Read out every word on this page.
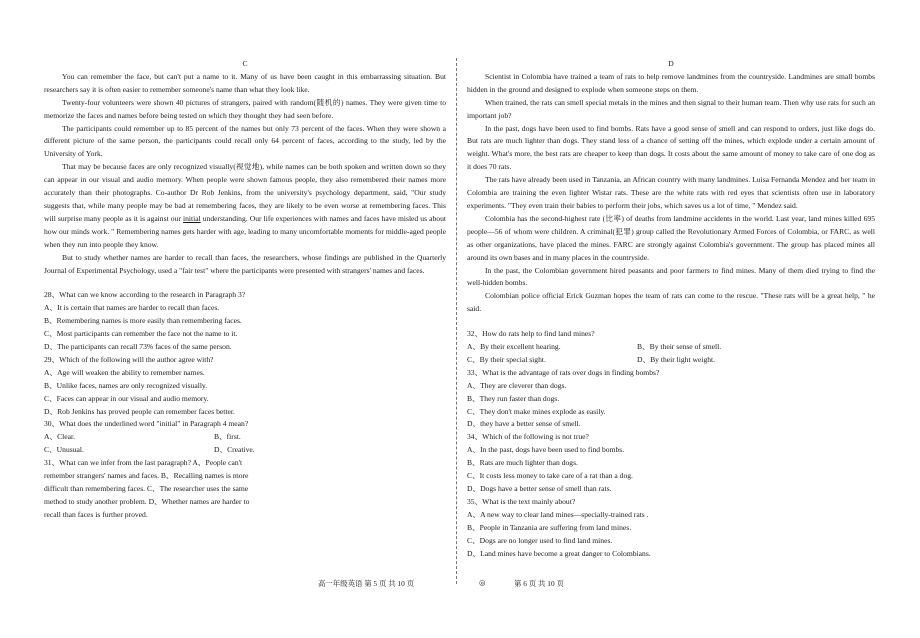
C

You can remember the face, but can't put a name to it. Many of us have been caught in this embarrassing situation. But researchers say it is often easier to remember someone's name than what they look like.

Twenty-four volunteers were shown 40 pictures of strangers, paired with random(随机的) names. They were given time to memorize the faces and names before being tested on which they thought they had seen before.

The participants could remember up to 85 percent of the names but only 73 percent of the faces. When they were shown a different picture of the same person, the participants could recall only 64 percent of faces, according to the study, led by the University of York.

That may be because faces are only recognized visually(视觉地), while names can be both spoken and written down so they can appear in our visual and audio memory. When people were shown famous people, they also remembered their names more accurately than their photographs. Co-author Dr Rob Jenkins, from the university's psychology department, said, "Our study suggests that, while many people may be bad at remembering faces, they are likely to be even worse at remembering faces. This will surprise many people as it is against our initial understanding. Our life experiences with names and faces have misled us about how our minds work. " Remembering names gets harder with age, leading to many uncomfortable moments for middle-aged people when they run into people they know.

But to study whether names are harder to recall than faces, the researchers, whose findings are published in the Quarterly Journal of Experimental Psychology, used a "fair test" where the participants were presented with strangers' names and faces.

28、What can we know according to the research in Paragraph 3?

A、It is certain that names are harder to recall than faces.

B、Remembering names is more easily than remembering faces.

C、Most participants can remember the face not the name to it.

D、The participants can recall 73% faces of the same person.

29、Which of the following will the author agree with?

A、Age will weaken the ability to remember names.

B、Unlike faces, names are only recognized visually.

C、Faces can appear in our visual and audio memory.

D、Rob Jenkins has proved people can remember faces better.

30、What does the underlined word "initial" in Paragraph 4 mean?

A、Clear.	B、first.
C、Unusual.	D、Creative.

31、What can we infer from the last paragraph? A、People can't

remember strangers' names and faces. B、Recalling names is more

difficult than remembering faces. C、The researcher uses the same

method to study another problem. D、Whether names are harder to

recall than faces is further proved.

D

Scientist in Colombia have trained a team of rats to help remove landmines from the countryside. Landmines are small bombs hidden in the ground and designed to explode when someone steps on them.

When trained, the rats can smell special metals in the mines and then signal to their human team. Then why use rats for such an important job?

In the past, dogs have been used to find bombs. Rats have a good sense of smell and can respond to orders, just like dogs do. But rats are much lighter than dogs. They stand less of a chance of setting off the mines, which explode under a certain amount of weight. What's more, the best rats are cheaper to keep than dogs. It costs about the same amount of money to take care of one dog as it does 70 rats.

The rats have already been used in Tanzania, an African country with many landmines. Luisa Fernanda Mendez and her team in Colombia are training the even lighter Wistar rats. These are the white rats with red eyes that scientists often use in laboratory experiments. "They even train their babies to perform their jobs, which saves us a lot of time, " Mendez said.

Colombia has the second-highest rate (比率) of deaths from landmine accidents in the world. Last year, land mines killed 695 people—56 of whom were children. A criminal(犯罪) group called the Revolutionary Armed Forces of Colombia, or FARC, as well as other organizations, have placed the mines. FARC are strongly against Colombia's government. The group has placed mines all around its own bases and in many places in the countryside.

In the past, the Colombian government hired peasants and poor farmers to find mines. Many of them died trying to find the well-hidden bombs.

Colombian police official Erick Guzman hopes the team of rats can come to the rescue. "These rats will be a great help, " he said.

32、How do rats help to find land mines?

A、By their excellent hearing.	B、By their sense of smell.
C、By their special sight.	D、By their light weight.

33、What is the advantage of rats over dogs in finding bombs?

A、They are cleverer than dogs.

B、They run faster than dogs.

C、They don't make mines explode as easily.

D、they have a better sense of smell.

34、Which of the following is not true?

A、In the past, dogs have been used to find bombs.

B、Rats are much lighter than dogs.

C、It costs less money to take care of a rat than a dog.

D、Dogs have a better sense of smell than rats.

35、What is the text mainly about?

A、A new way to clear land mines—specially-trained rats .

B、People in Tanzania are suffering from land mines.

C、Dogs are no longer used to find land mines.

D、Land mines have become a great danger to Colombians.

高一年级英语 第 5 页 共 10 页	◎	第 6 页 共 10 页
